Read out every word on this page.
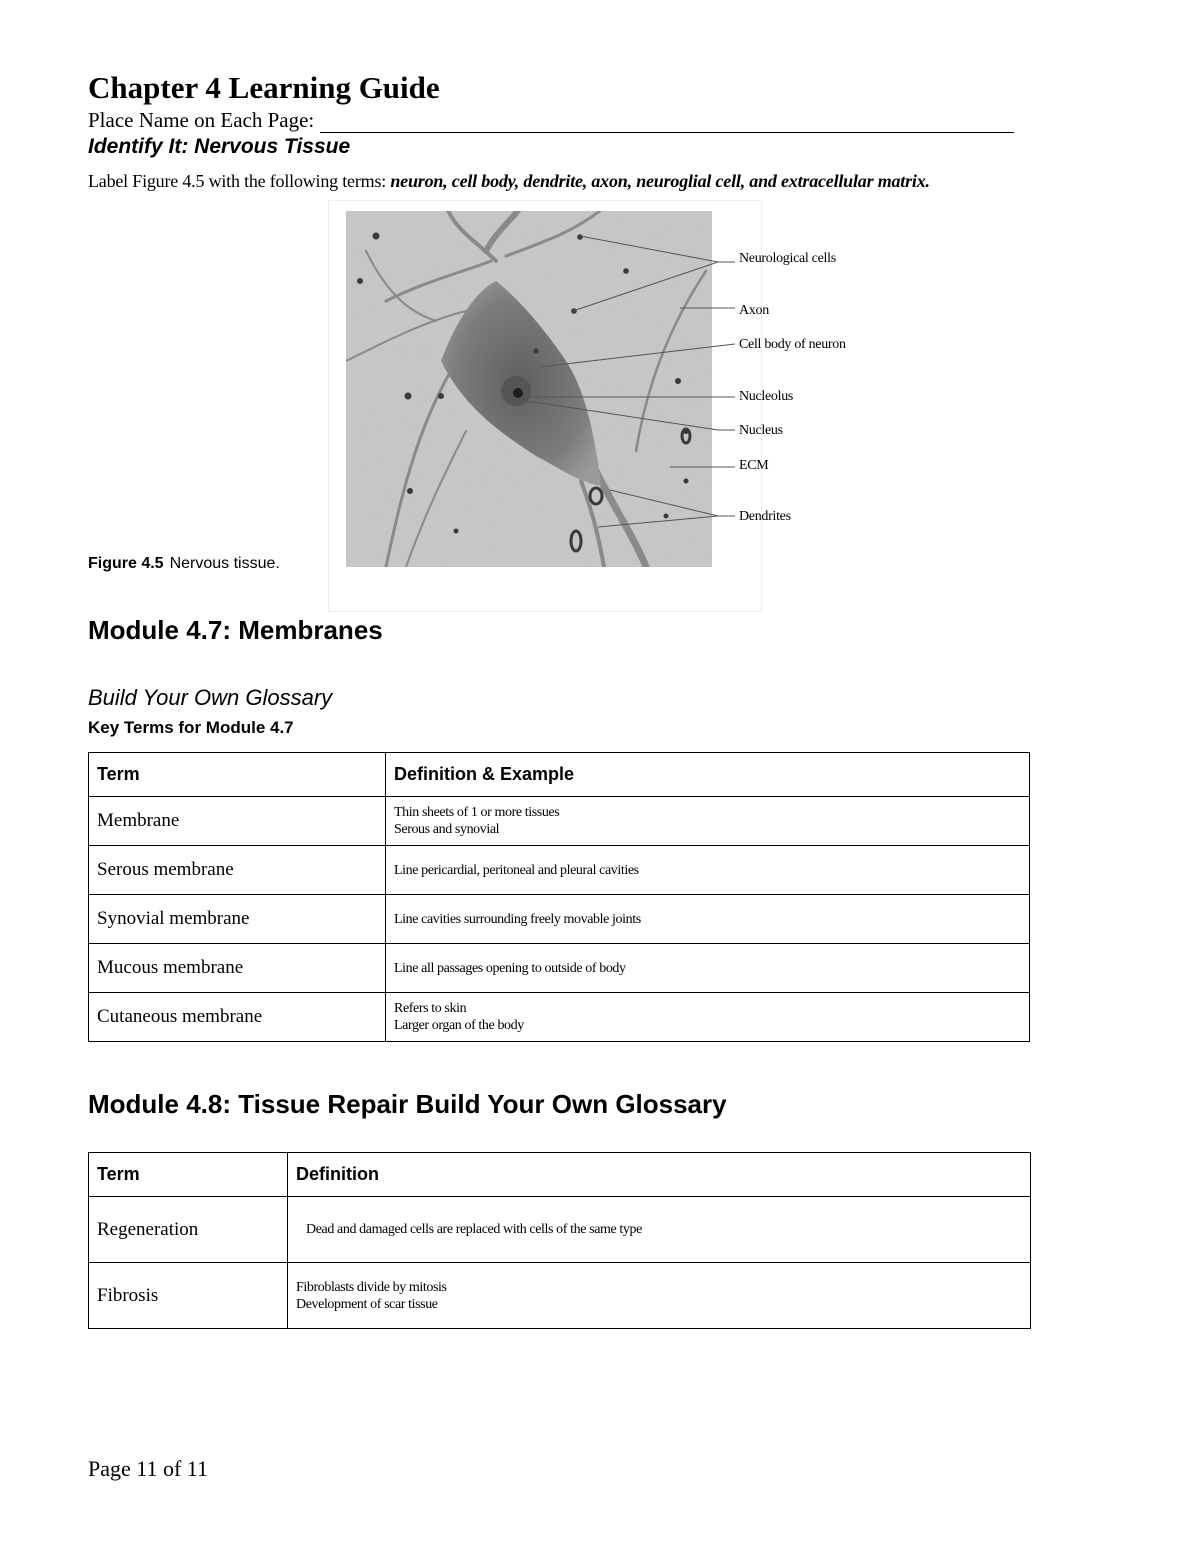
Chapter 4 Learning Guide
Place Name on Each Page:
Identify It: Nervous Tissue
Label Figure 4.5 with the following terms: neuron, cell body, dendrite, axon, neuroglial cell, and extracellular matrix.
Neurological cells
Axon
Cell body of neuron
Nucleolus
Nucleus
ECM
Dendrites
Figure 4.5 Nervous tissue.
Module 4.7: Membranes
Build Your Own Glossary
Key Terms for Module 4.7
Term	Definition & Example
Membrane	Thin sheets of 1 or more tissues
Serous and synovial

Serous membrane	Line pericardial, peritoneal and pleural cavities

Synovial membrane	Line cavities surrounding freely movable joints

Mucous membrane	Line all passages opening to outside of body

Cutaneous membrane	Refers to skin
Larger organ of the body
Module 4.8: Tissue Repair Build Your Own Glossary
Term	Definition
Regeneration	Dead and damaged cells are replaced with cells of the same type

Fibrosis	Fibroblasts divide by mitosis
Development of scar tissue
Page 11 of 11
